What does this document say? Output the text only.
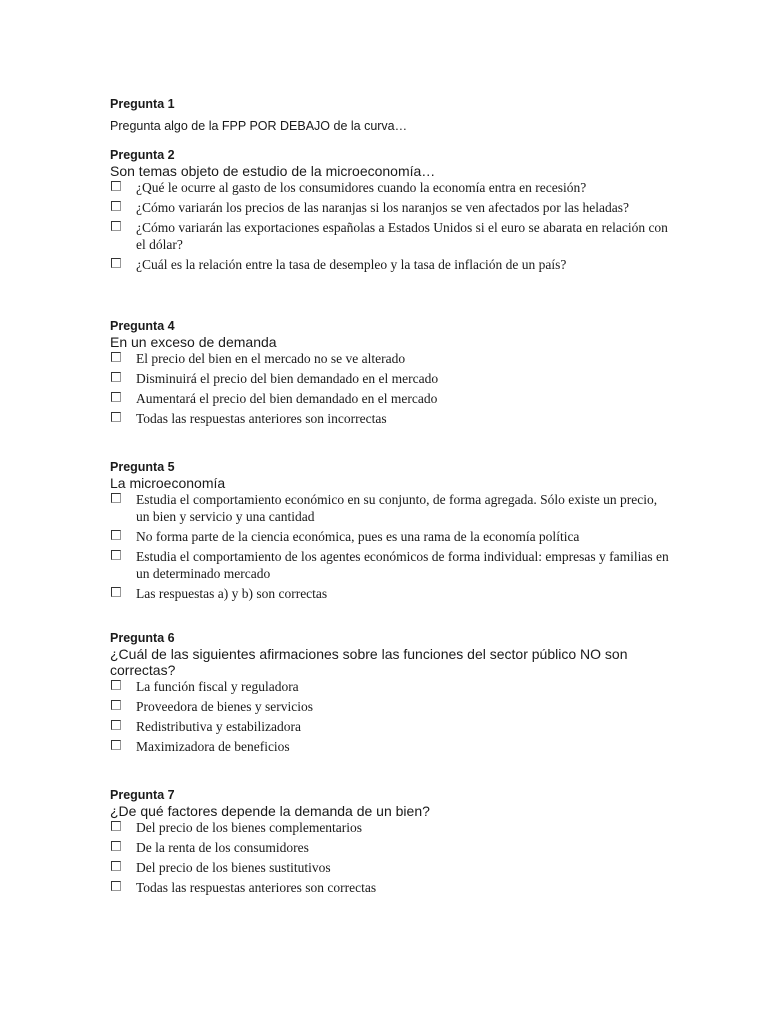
Pregunta 1

Pregunta algo de la FPP POR DEBAJO de la curva…

Pregunta 2

Son temas objeto de estudio de la microeconomía…

¿Qué le ocurre al gasto de los consumidores cuando la economía entra en recesión?
¿Cómo variarán los precios de las naranjas si los naranjos se ven afectados por las heladas?
¿Cómo variarán las exportaciones españolas a Estados Unidos si el euro se abarata en relación con el dólar?
¿Cuál es la relación entre la tasa de desempleo y la tasa de inflación de un país?

Pregunta 4

En un exceso de demanda

El precio del bien en el mercado no se ve alterado
Disminuirá el precio del bien demandado en el mercado
Aumentará el precio del bien demandado en el mercado
Todas las respuestas anteriores son incorrectas

Pregunta 5

La microeconomía

Estudia el comportamiento económico en su conjunto, de forma agregada. Sólo existe un precio, un bien y servicio y una cantidad
No forma parte de la ciencia económica, pues es una rama de la economía política
Estudia el comportamiento de los agentes económicos de forma individual: empresas y familias en un determinado mercado
Las respuestas a) y b) son correctas

Pregunta 6

¿Cuál de las siguientes afirmaciones sobre las funciones del sector público NO son correctas?

La función fiscal y reguladora
Proveedora de bienes y servicios
Redistributiva y estabilizadora
Maximizadora de beneficios

Pregunta 7

¿De qué factores depende la demanda de un bien?

Del precio de los bienes complementarios
De la renta de los consumidores
Del precio de los bienes sustitutivos
Todas las respuestas anteriores son correctas
